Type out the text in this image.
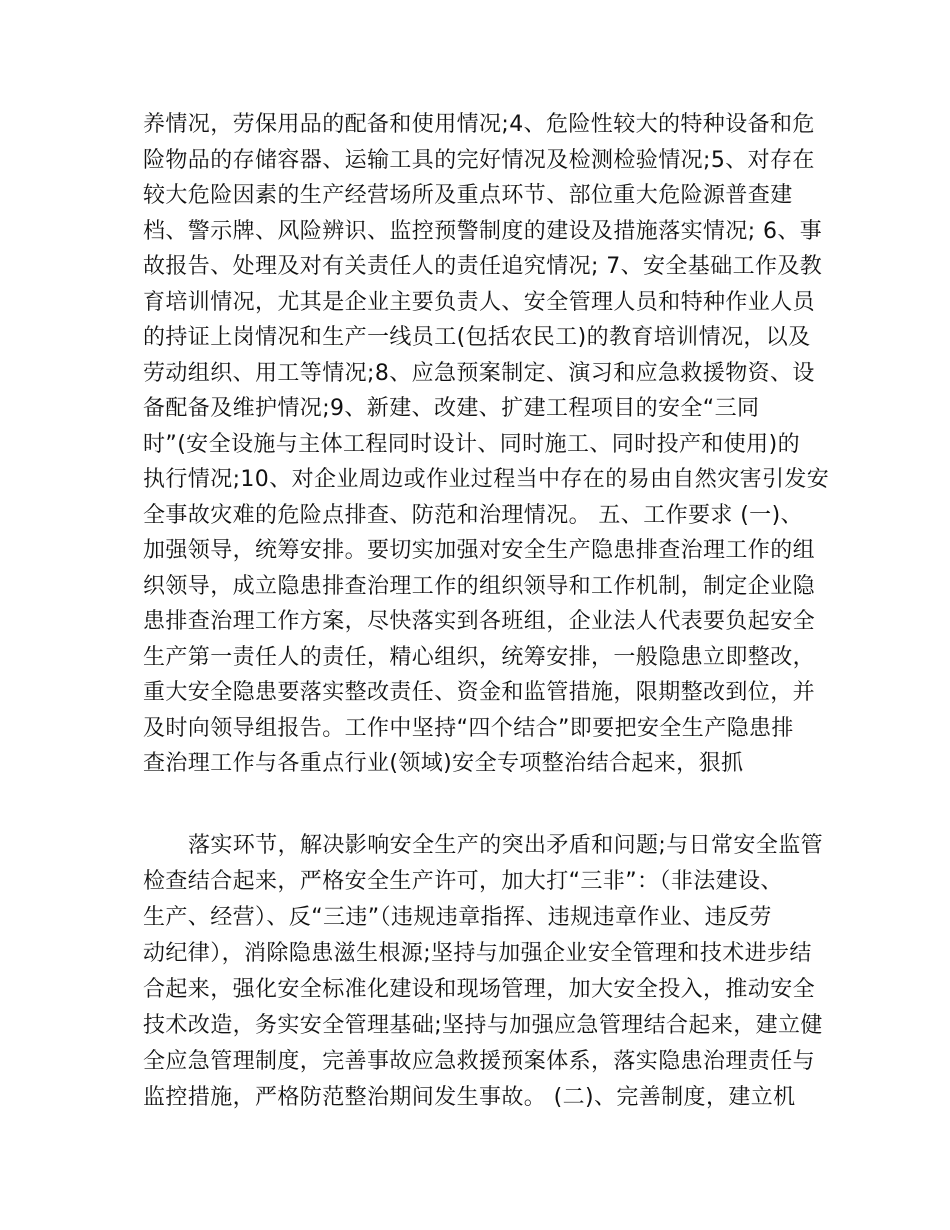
养情况，劳保用品的配备和使用情况;4、危险性较大的特种设备和危
险物品的存储容器、运输工具的完好情况及检测检验情况;5、对存在
较大危险因素的生产经营场所及重点环节、部位重大危险源普查建
档、警示牌、风险辨识、监控预警制度的建设及措施落实情况; 6、事
故报告、处理及对有关责任人的责任追究情况; 7、安全基础工作及教
育培训情况，尤其是企业主要负责人、安全管理人员和特种作业人员
的持证上岗情况和生产一线员工(包括农民工)的教育培训情况，以及
劳动组织、用工等情况;8、应急预案制定、演习和应急救援物资、设
备配备及维护情况;9、新建、改建、扩建工程项目的安全“三同
时”(安全设施与主体工程同时设计、同时施工、同时投产和使用)的
执行情况;10、对企业周边或作业过程当中存在的易由自然灾害引发安
全事故灾难的危险点排查、防范和治理情况。 五、工作要求 (一)、
加强领导，统筹安排。要切实加强对安全生产隐患排查治理工作的组
织领导，成立隐患排查治理工作的组织领导和工作机制，制定企业隐
患排查治理工作方案，尽快落实到各班组，企业法人代表要负起安全
生产第一责任人的责任，精心组织，统筹安排，一般隐患立即整改，
重大安全隐患要落实整改责任、资金和监管措施，限期整改到位，并
及时向领导组报告。工作中坚持“四个结合”即要把安全生产隐患排
查治理工作与各重点行业(领域)安全专项整治结合起来，狠抓
落实环节，解决影响安全生产的突出矛盾和问题;与日常安全监管
检查结合起来，严格安全生产许可，加大打“三非”：（非法建设、
生产、经营）、反“三违”（违规违章指挥、违规违章作业、违反劳
动纪律），消除隐患滋生根源;坚持与加强企业安全管理和技术进步结
合起来，强化安全标准化建设和现场管理，加大安全投入，推动安全
技术改造，务实安全管理基础;坚持与加强应急管理结合起来，建立健
全应急管理制度，完善事故应急救援预案体系，落实隐患治理责任与
监控措施，严格防范整治期间发生事故。 (二)、完善制度，建立机
